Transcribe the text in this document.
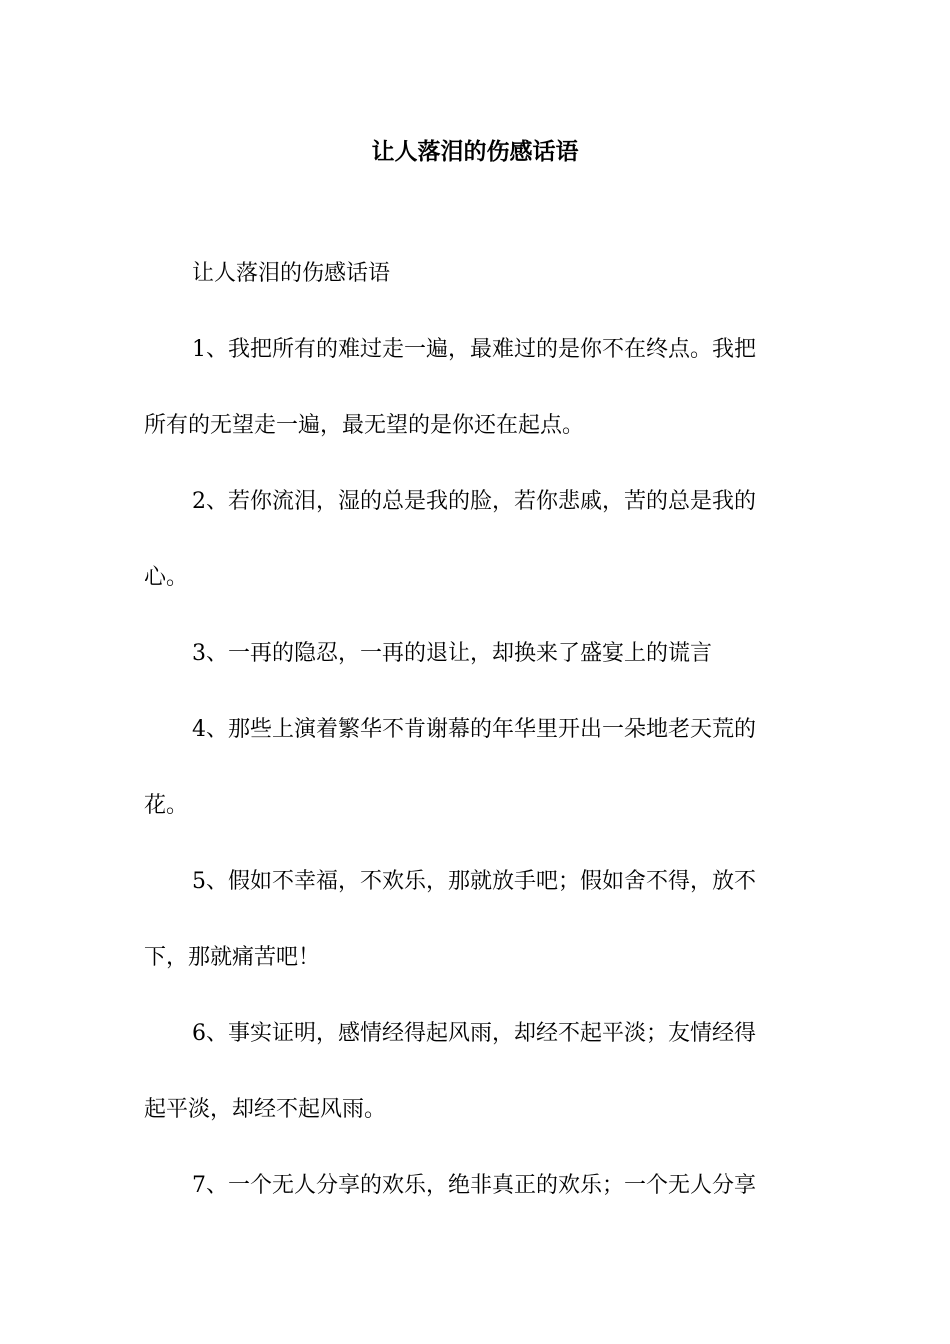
让人落泪的伤感话语

让人落泪的伤感话语

1、我把所有的难过走一遍，最难过的是你不在终点。我把
所有的无望走一遍，最无望的是你还在起点。

2、若你流泪，湿的总是我的脸，若你悲戚，苦的总是我的
心。

3、一再的隐忍，一再的退让，却换来了盛宴上的谎言

4、那些上演着繁华不肯谢幕的年华里开出一朵地老天荒的
花。

5、假如不幸福，不欢乐，那就放手吧；假如舍不得，放不
下，那就痛苦吧！

6、事实证明，感情经得起风雨，却经不起平淡；友情经得
起平淡，却经不起风雨。

7、一个无人分享的欢乐，绝非真正的欢乐；一个无人分享
